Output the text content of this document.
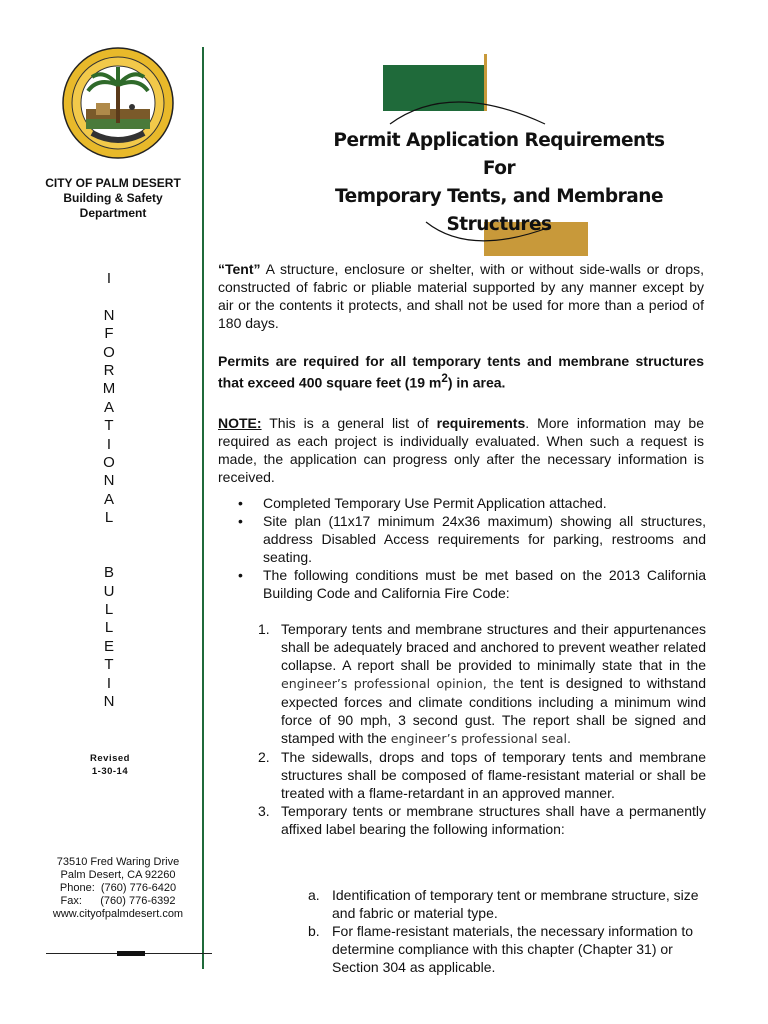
CITY OF PALM DESERT
Building & Safety
Department
I
N
F
O
R
M
A
T
I
O
N
A
L
B
U
L
L
E
T
I
N
Revised
1-30-14
73510 Fred Waring Drive
Palm Desert, CA 92260
Phone:  (760) 776-6420
Fax:      (760) 776-6392
www.cityofpalmdesert.com
Permit Application Requirements For
Temporary Tents, and Membrane
Structures
“Tent” A structure, enclosure or shelter, with or without side-walls or drops, constructed of fabric or pliable material supported by any manner except by air or the contents it protects, and shall not be used for more than a period of 180 days.
Permits are required for all temporary tents and membrane structures that exceed 400 square feet (19 $m^2$) in area.
NOTE: This is a general list of requirements. More information may be required as each project is individually evaluated. When such a request is made, the application can progress only after the necessary information is received.
• Completed Temporary Use Permit Application attached.
• Site plan (11x17 minimum 24x36 maximum) showing all structures, address Disabled Access requirements for parking, restrooms and seating.
• The following conditions must be met based on the 2013 California Building Code and California Fire Code:
1. Temporary tents and membrane structures and their appurtenances shall be adequately braced and anchored to prevent weather related collapse. A report shall be provided to minimally state that in the engineer’s professional opinion, the tent is designed to withstand expected forces and climate conditions including a minimum wind force of 90 mph, 3 second gust. The report shall be signed and stamped with the engineer’s professional seal.
2. The sidewalls, drops and tops of temporary tents and membrane structures shall be composed of flame-resistant material or shall be treated with a flame-retardant in an approved manner.
3. Temporary tents or membrane structures shall have a permanently affixed label bearing the following information:
a. Identification of temporary tent or membrane structure, size and fabric or material type.
b. For flame-resistant materials, the necessary information to determine compliance with this chapter (Chapter 31) or Section 304 as applicable.
